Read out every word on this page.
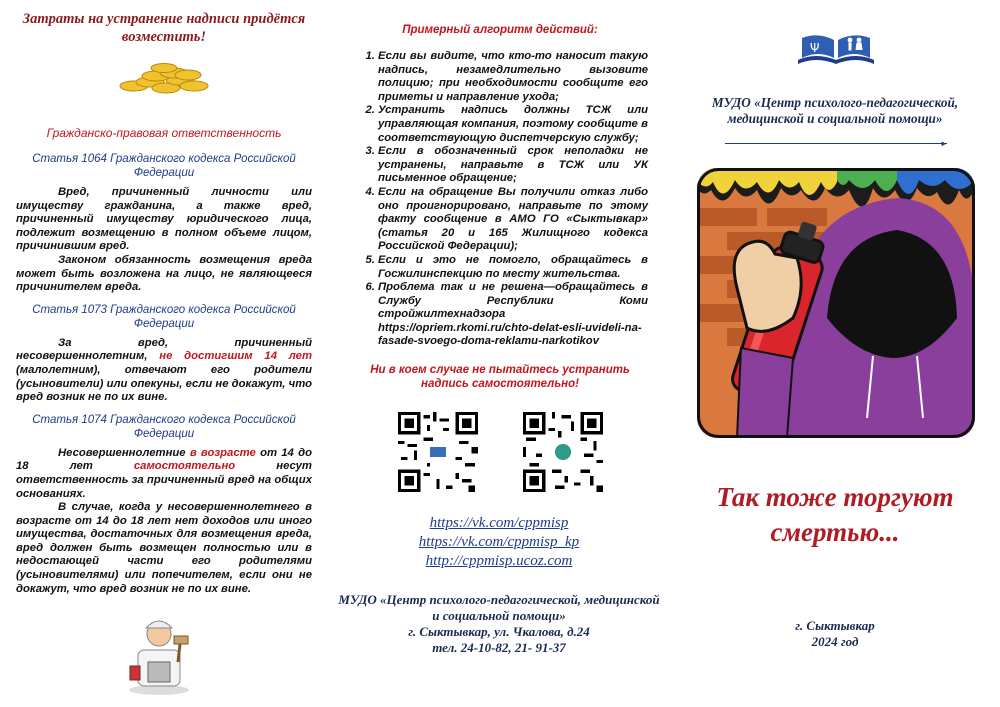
Затраты на устранение надписи придётся возместить!

Гражданско-правовая ответственность
Статья 1064 Гражданского кодекса Российской Федерации

Вред, причиненный личности или имуществу гражданина, а также вред, причиненный имуществу юридического лица, подлежит возмещению в полном объеме лицом, причинившим вред.

Законом обязанность возмещения вреда может быть возложена на лицо, не являющееся причинителем вреда.

Статья 1073 Гражданского кодекса Российской Федерации

За вред, причиненный несовершеннолетним, не достигшим 14 лет (малолетним), отвечают его родители (усыновители) или опекуны, если не докажут, что вред возник не по их вине.

Статья 1074 Гражданского кодекса Российской Федерации

Несовершеннолетние в возрасте от 14 до 18 лет самостоятельно несут ответственность за причиненный вред на общих основаниях.

В случае, когда у несовершеннолетнего в возрасте от 14 до 18 лет нет доходов или иного имущества, достаточных для возмещения вреда, вред должен быть возмещен полностью или в недостающей части его родителями (усыновителями) или попечителем, если они не докажут, что вред возник не по их вине.

Примерный алгоритм действий:

1. Если вы видите, что кто-то наносит такую надпись, незамедлительно вызовите полицию; при необходимости сообщите его приметы и направление ухода;
2. Устранить надпись должны ТСЖ или управляющая компания, поэтому сообщите в соответствующую диспетчерскую службу;
3. Если в обозначенный срок неполадки не устранены, направьте в ТСЖ или УК письменное обращение;
4. Если на обращение Вы получили отказ либо оно проигнорировано, направьте по этому факту сообщение в АМО ГО «Сыктывкар» (статья 20 и 165 Жилищного кодекса Российской Федерации);
5. Если и это не помогло, обращайтесь в Госжилинспекцию по месту жительства.
6. Проблема так и не решена—обращайтесь в Службу Республики Коми стройжилтехнадзора https://opriem.rkomi.ru/chto-delat-esli-uvideli-na-fasade-svoego-doma-reklamu-narkotikov

Ни в коем случае не пытайтесь устранить надпись самостоятельно!

https://vk.com/cppmisp
https://vk.com/cppmisp_kp
http://cppmisp.ucoz.com
МУДО «Центр психолого-педагогической, медицинской и социальной помощи»
г. Сыктывкар, ул. Чкалова, д.24
тел. 24-10-82, 21- 91-37
Ψ
МУДО «Центр психолого-педагогической, медицинской и социальной помощи»
►
Так тоже торгуют смертью...
г. Сыктывкар
2024 год
